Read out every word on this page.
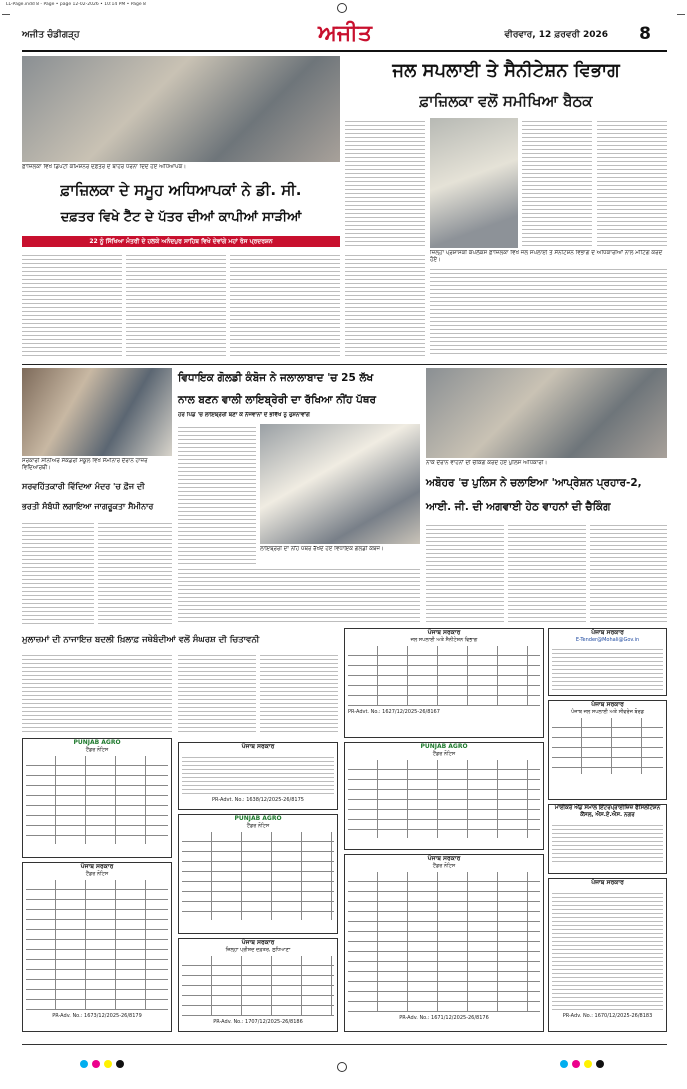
LL-Page.indd 8 - Page • page 12-02-2026 • 10:14 PM • Page 8
ਅਜੀਤ ਚੰਡੀਗੜ੍ਹ	ਅਜੀਤ	ਵੀਰਵਾਰ, 12 ਫ਼ਰਵਰੀ 2026	8
ਫ਼ਾਜ਼ਿਲਕਾ ਵਿਖੇ ਡਿਪਟੀ ਕਮਿਸ਼ਨਰ ਦਫ਼ਤਰ ਦੇ ਬਾਹਰ ਧਰਨਾ ਦਿੰਦੇ ਹੋਏ ਅਧਿਆਪਕ।
ਜਲ ਸਪਲਾਈ ਤੇ ਸੈਨੀਟੇਸ਼ਨ ਵਿਭਾਗ
ਫ਼ਾਜ਼ਿਲਕਾ ਵਲੋਂ ਸਮੀਖਿਆ ਬੈਠਕ
ਜ਼ਿਲ੍ਹਾ ਪ੍ਰਸ਼ਾਸਕੀ ਕੰਪਲੈਕਸ ਫ਼ਾਜ਼ਿਲਕਾ ਵਿਖੇ ਜਲ ਸਪਲਾਈ ਤੇ ਸੈਨੀਟੇਸ਼ਨ ਵਿਭਾਗ ਦੇ ਅਧਿਕਾਰੀਆਂ ਨਾਲ ਮੀਟਿੰਗ ਕਰਦੇ ਹੋਏ।
ਫ਼ਾਜ਼ਿਲਕਾ ਦੇ ਸਮੂਹ ਅਧਿਆਪਕਾਂ ਨੇ ਡੀ. ਸੀ.
ਦਫ਼ਤਰ ਵਿਖੇ ਟੈੱਟ ਦੇ ਪੱਤਰ ਦੀਆਂ ਕਾਪੀਆਂ ਸਾੜੀਆਂ
22 ਨੂੰ ਸਿੱਖਿਆ ਮੰਤਰੀ ਦੇ ਹਲਕੇ ਅਨੰਦਪੁਰ ਸਾਹਿਬ ਵਿਖੇ ਦੇਵਾਂਗੇ ਮਹਾਂ ਰੋਸ ਪ੍ਰਦਰਸ਼ਨ
ਸਰਕਾਰੀ ਸੀਨੀਅਰ ਸੈਕੰਡਰੀ ਸਕੂਲ ਵਿਖੇ ਸੈਮੀਨਾਰ ਦੌਰਾਨ ਹਾਜ਼ਰ ਵਿਦਿਆਰਥੀ।
ਵਿਧਾਇਕ ਗੋਲਡੀ ਕੰਬੋਜ ਨੇ ਜਲਾਲਾਬਾਦ 'ਚ 25 ਲੱਖ
ਨਾਲ ਬਣਨ ਵਾਲੀ ਲਾਇਬ੍ਰੇਰੀ ਦਾ ਰੱਖਿਆ ਨੀਂਹ ਪੱਥਰ
ਹਰ ਪਿੰਡ 'ਚ ਲਾਇਬ੍ਰੇਰੀ ਬਣਾ ਕੇ ਨੌਜਵਾਨਾਂ ਦੇ ਭਵਿੱਖ ਨੂੰ ਰੁਸ਼ਨਾਵਾਂਗੇ
ਲਾਇਬ੍ਰੇਰੀ ਦਾ ਨੀਂਹ ਪੱਥਰ ਰੱਖਦੇ ਹੋਏ ਵਿਧਾਇਕ ਗੋਲਡੀ ਕੰਬੋਜ।
ਨਾਕੇ ਦੌਰਾਨ ਵਾਹਨਾਂ ਦੀ ਚੈਕਿੰਗ ਕਰਦੇ ਹੋਏ ਪੁਲਿਸ ਅਧਿਕਾਰੀ।
ਅਬੋਹਰ 'ਚ ਪੁਲਿਸ ਨੇ ਚਲਾਇਆ 'ਆਪ੍ਰੇਸ਼ਨ ਪ੍ਰਹਾਰ-2,
ਆਈ. ਜੀ. ਦੀ ਅਗਵਾਈ ਹੇਠ ਵਾਹਨਾਂ ਦੀ ਚੈਕਿੰਗ
ਸਰਵਹਿੱਤਕਾਰੀ ਵਿੱਦਿਆ ਮੰਦਰ 'ਚ ਫ਼ੌਜ ਦੀ
ਭਰਤੀ ਸੰਬੰਧੀ ਲਗਾਇਆ ਜਾਗਰੂਕਤਾ ਸੈਮੀਨਾਰ
ਮੁਲਾਜ਼ਮਾਂ ਦੀ ਨਾਜਾਇਜ਼ ਬਦਲੀ ਖ਼ਿਲਾਫ਼ ਜਥੇਬੰਦੀਆਂ ਵਲੋਂ ਸੰਘਰਸ਼ ਦੀ ਚਿਤਾਵਨੀ
ਪੰਜਾਬ ਸਰਕਾਰ
E-Tender@Mohali@Gov.in
ਪੰਜਾਬ ਸਰਕਾਰ
ਜਲ ਸਪਲਾਈ ਅਤੇ ਸੈਨੀਟੇਸ਼ਨ ਵਿਭਾਗ
PR-Advt. No.: 1627/12/2025-26/8167
ਪੰਜਾਬ ਸਰਕਾਰ
ਪੰਜਾਬ ਜਲ ਸਪਲਾਈ ਅਤੇ ਸੀਵਰੇਜ ਬੋਰਡ
PUNJAB AGRO
ਟੈਂਡਰ ਨੋਟਿਸ	ਪੰਜਾਬ ਸਰਕਾਰ
PR-Advt. No.: 1638/12/2025-26/8175
PUNJAB AGRO
ਟੈਂਡਰ ਨੋਟਿਸ
PUNJAB AGRO
ਟੈਂਡਰ ਨੋਟਿਸ
ਮਾਈਕਰੋ ਐਂਡ ਸਮਾਲ ਇੰਟਰਪ੍ਰਾਈਜ਼ਿਜ਼ ਫੈਸਿਲੀਟੇਸ਼ਨ ਕੌਂਸਲ, ਐਸ.ਏ.ਐਸ. ਨਗਰ
ਪੰਜਾਬ ਸਰਕਾਰ
ਟੈਂਡਰ ਨੋਟਿਸ
PR-Adv. No.: 1673/12/2025-26/8179
ਪੰਜਾਬ ਸਰਕਾਰ
ਜ਼ਿਲ੍ਹਾ ਪ੍ਰੀਸ਼ਦ ਦਫ਼ਤਰ, ਲੁਧਿਆਣਾ
PR-Adv. No.: 1707/12/2025-26/8186
ਪੰਜਾਬ ਸਰਕਾਰ
ਟੈਂਡਰ ਨੋਟਿਸ
PR-Adv. No.: 1671/12/2025-26/8176
ਪੰਜਾਬ ਸਰਕਾਰ
PR-Adv. No.: 1670/12/2025-26/8183
